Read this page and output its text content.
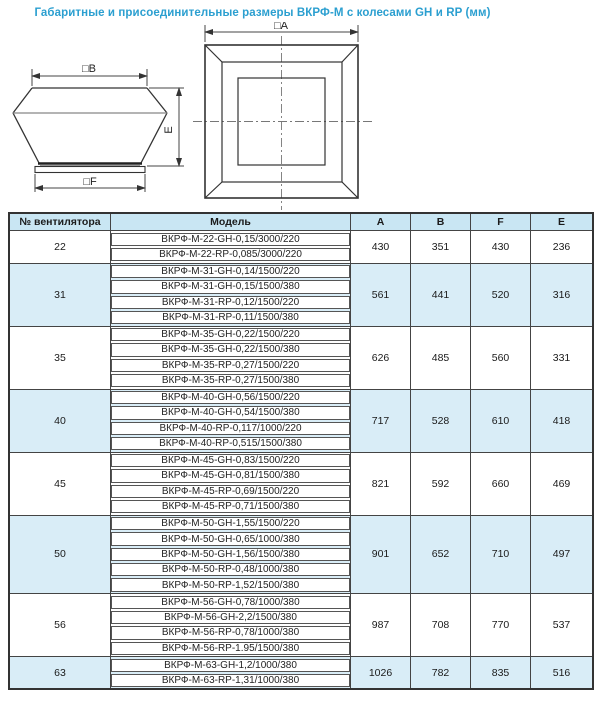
Габаритные и присоединительные размеры ВКРФ-М с колесами GH и RP (мм)
□B
E
□F
□A
№ вентилятора	Модель	A	B	F	E
22
ВКРФ-М-22-GH-0,15/3000/220
ВКРФ-М-22-RP-0,085/3000/220
430	351	430	236
31
ВКРФ-М-31-GH-0,14/1500/220
ВКРФ-М-31-GH-0,15/1500/380
ВКРФ-М-31-RP-0,12/1500/220
ВКРФ-М-31-RP-0,11/1500/380
561	441	520	316
35
ВКРФ-М-35-GH-0,22/1500/220
ВКРФ-М-35-GH-0,22/1500/380
ВКРФ-М-35-RP-0,27/1500/220
ВКРФ-М-35-RP-0,27/1500/380
626	485	560	331
40
ВКРФ-М-40-GH-0,56/1500/220
ВКРФ-М-40-GH-0,54/1500/380
ВКРФ-М-40-RP-0,117/1000/220
ВКРФ-М-40-RP-0,515/1500/380
717	528	610	418
45
ВКРФ-М-45-GH-0,83/1500/220
ВКРФ-М-45-GH-0,81/1500/380
ВКРФ-М-45-RP-0,69/1500/220
ВКРФ-М-45-RP-0,71/1500/380
821	592	660	469
50
ВКРФ-М-50-GH-1,55/1500/220
ВКРФ-М-50-GH-0,65/1000/380
ВКРФ-М-50-GH-1,56/1500/380
ВКРФ-М-50-RP-0,48/1000/380
ВКРФ-М-50-RP-1,52/1500/380
901	652	710	497
56
ВКРФ-М-56-GH-0,78/1000/380
ВКРФ-М-56-GH-2,2/1500/380
ВКРФ-М-56-RP-0,78/1000/380
ВКРФ-М-56-RP-1.95/1500/380
987	708	770	537
63
ВКРФ-М-63-GH-1,2/1000/380
ВКРФ-М-63-RP-1,31/1000/380
1026	782	835	516
